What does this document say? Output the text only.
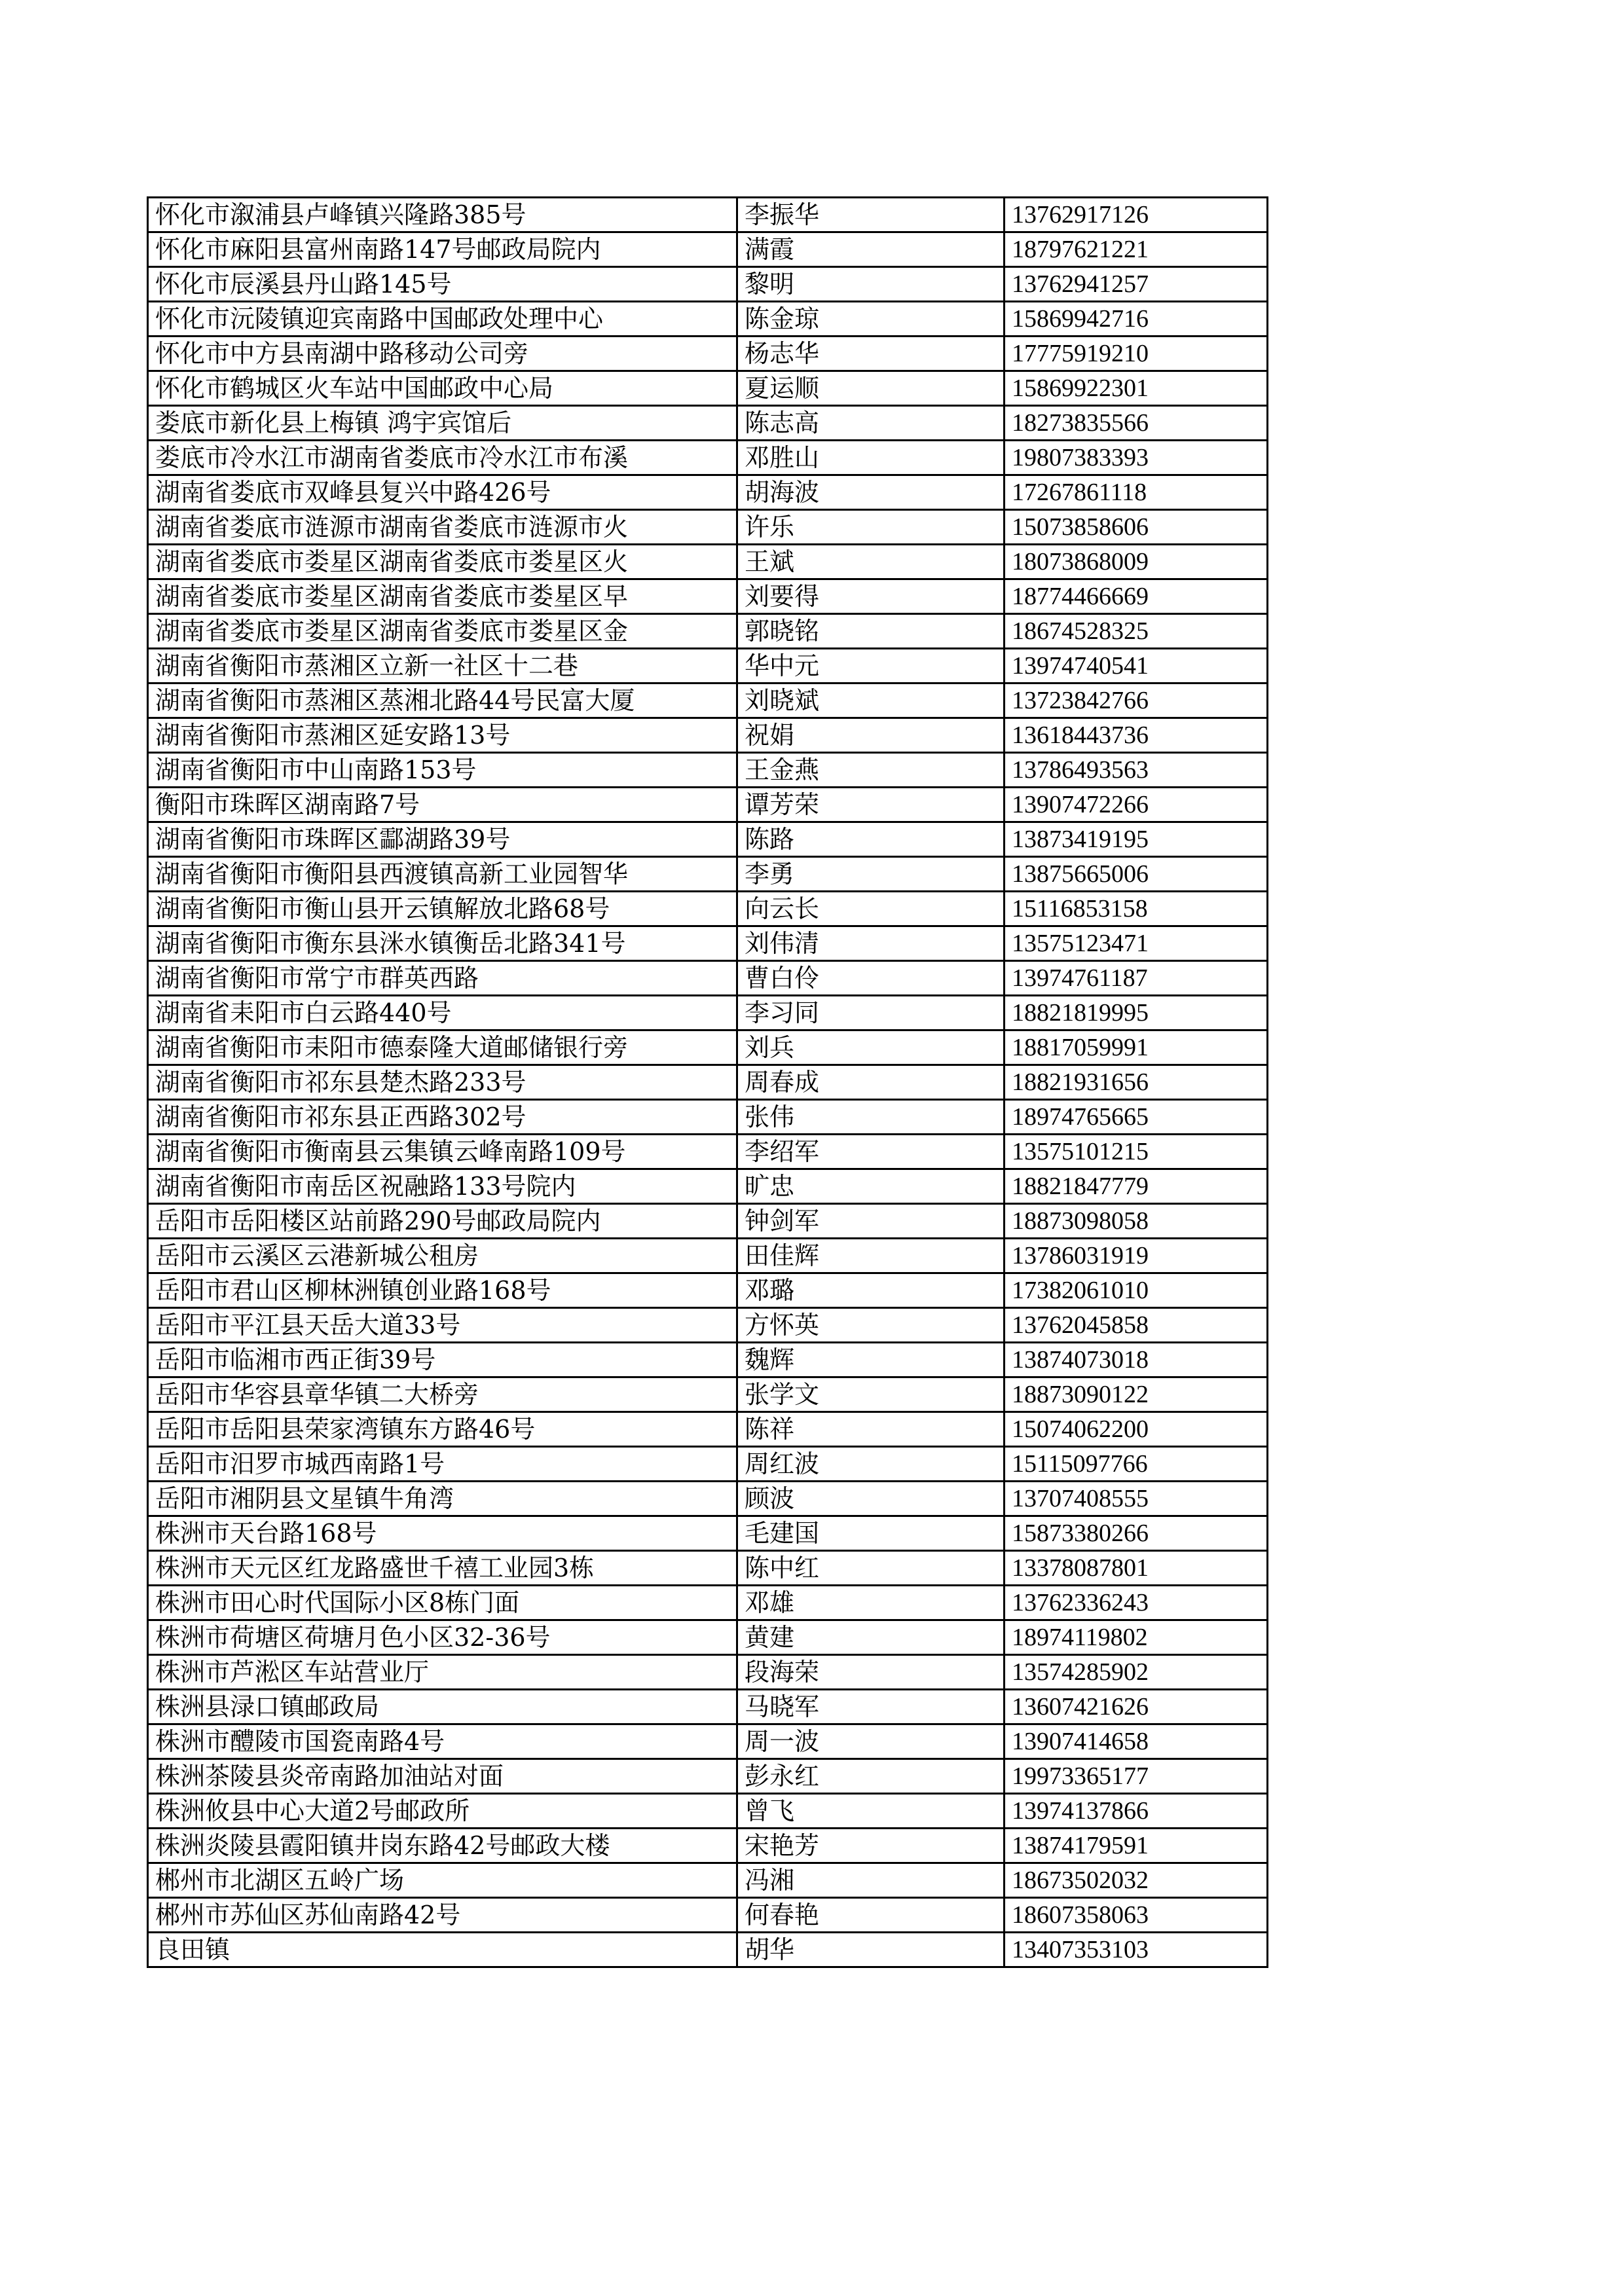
怀化市溆浦县卢峰镇兴隆路385号	李振华	13762917126
怀化市麻阳县富州南路147号邮政局院内	满霞	18797621221
怀化市辰溪县丹山路145号	黎明	13762941257
怀化市沅陵镇迎宾南路中国邮政处理中心	陈金琼	15869942716
怀化市中方县南湖中路移动公司旁	杨志华	17775919210
怀化市鹤城区火车站中国邮政中心局	夏运顺	15869922301
娄底市新化县上梅镇 鸿宇宾馆后	陈志高	18273835566
娄底市冷水江市湖南省娄底市冷水江市布溪	邓胜山	19807383393
湖南省娄底市双峰县复兴中路426号	胡海波	17267861118
湖南省娄底市涟源市湖南省娄底市涟源市火	许乐	15073858606
湖南省娄底市娄星区湖南省娄底市娄星区火	王斌	18073868009
湖南省娄底市娄星区湖南省娄底市娄星区早	刘要得	18774466669
湖南省娄底市娄星区湖南省娄底市娄星区金	郭晓铭	18674528325
湖南省衡阳市蒸湘区立新一社区十二巷	华中元	13974740541
湖南省衡阳市蒸湘区蒸湘北路44号民富大厦	刘晓斌	13723842766
湖南省衡阳市蒸湘区延安路13号	祝娟	13618443736
湖南省衡阳市中山南路153号	王金燕	13786493563
衡阳市珠晖区湖南路7号	谭芳荣	13907472266
湖南省衡阳市珠晖区酃湖路39号	陈路	13873419195
湖南省衡阳市衡阳县西渡镇高新工业园智华	李勇	13875665006
湖南省衡阳市衡山县开云镇解放北路68号	向云长	15116853158
湖南省衡阳市衡东县洣水镇衡岳北路341号	刘伟清	13575123471
湖南省衡阳市常宁市群英西路	曹白伶	13974761187
湖南省耒阳市白云路440号	李习同	18821819995
湖南省衡阳市耒阳市德泰隆大道邮储银行旁	刘兵	18817059991
湖南省衡阳市祁东县楚杰路233号	周春成	18821931656
湖南省衡阳市祁东县正西路302号	张伟	18974765665
湖南省衡阳市衡南县云集镇云峰南路109号	李绍军	13575101215
湖南省衡阳市南岳区祝融路133号院内	旷忠	18821847779
岳阳市岳阳楼区站前路290号邮政局院内	钟剑军	18873098058
岳阳市云溪区云港新城公租房	田佳辉	13786031919
岳阳市君山区柳林洲镇创业路168号	邓璐	17382061010
岳阳市平江县天岳大道33号	方怀英	13762045858
岳阳市临湘市西正街39号	魏辉	13874073018
岳阳市华容县章华镇二大桥旁	张学文	18873090122
岳阳市岳阳县荣家湾镇东方路46号	陈祥	15074062200
岳阳市汨罗市城西南路1号	周红波	15115097766
岳阳市湘阴县文星镇牛角湾	顾波	13707408555
株洲市天台路168号	毛建国	15873380266
株洲市天元区红龙路盛世千禧工业园3栋	陈中红	13378087801
株洲市田心时代国际小区8栋门面	邓雄	13762336243
株洲市荷塘区荷塘月色小区32-36号	黄建	18974119802
株洲市芦淞区车站营业厅	段海荣	13574285902
株洲县渌口镇邮政局	马晓军	13607421626
株洲市醴陵市国瓷南路4号	周一波	13907414658
株洲茶陵县炎帝南路加油站对面	彭永红	19973365177
株洲攸县中心大道2号邮政所	曾飞	13974137866
株洲炎陵县霞阳镇井岗东路42号邮政大楼	宋艳芳	13874179591
郴州市北湖区五岭广场	冯湘	18673502032
郴州市苏仙区苏仙南路42号	何春艳	18607358063
良田镇	胡华	13407353103
